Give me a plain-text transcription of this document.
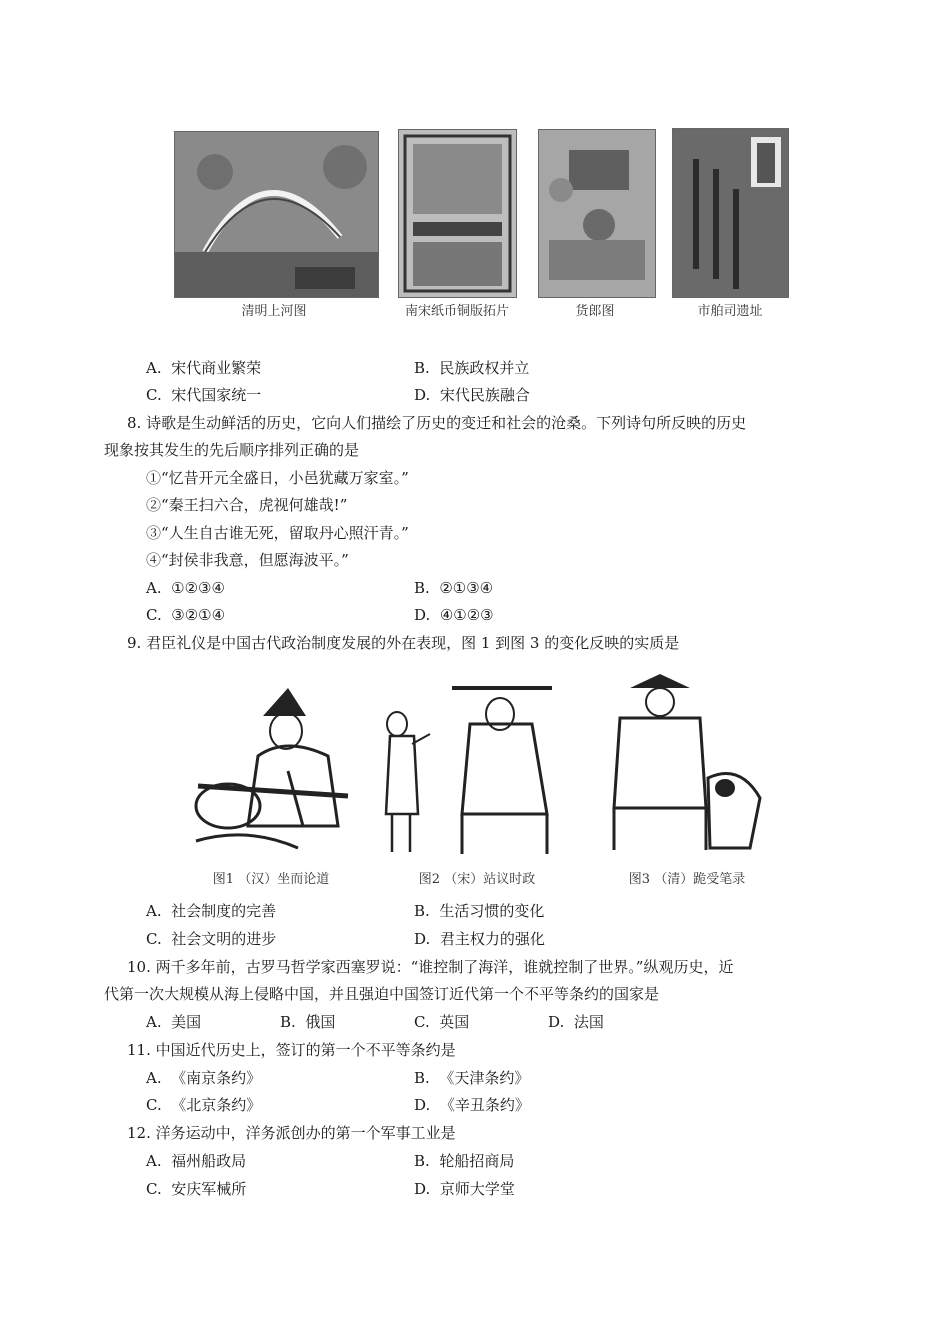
清明上河图	南宋纸币铜版拓片	货郎图	市舶司遗址
A. 宋代商业繁荣	B. 民族政权并立
C. 宋代国家统一	D. 宋代民族融合
8. 诗歌是生动鲜活的历史，它向人们描绘了历史的变迁和社会的沧桑。下列诗句所反映的历史
现象按其发生的先后顺序排列正确的是
①“忆昔开元全盛日，小邑犹藏万家室。”
②“秦王扫六合，虎视何雄哉!”
③“人生自古谁无死，留取丹心照汗青。”
④“封侯非我意，但愿海波平。”
A. ①②③④	B. ②①③④
C. ③②①④	D. ④①②③
9. 君臣礼仪是中国古代政治制度发展的外在表现，图 1 到图 3 的变化反映的实质是
图1 （汉）坐而论道	图2 （宋）站议时政	图3 （清）跪受笔录
A. 社会制度的完善	B. 生活习惯的变化
C. 社会文明的进步	D. 君主权力的强化
10. 两千多年前，古罗马哲学家西塞罗说：“谁控制了海洋，谁就控制了世界。”纵观历史，近
代第一次大规模从海上侵略中国，并且强迫中国签订近代第一个不平等条约的国家是
A. 美国	B. 俄国	C. 英国	D. 法国
11. 中国近代历史上，签订的第一个不平等条约是
A. 《南京条约》	B. 《天津条约》
C. 《北京条约》	D. 《辛丑条约》
12. 洋务运动中，洋务派创办的第一个军事工业是
A. 福州船政局	B. 轮船招商局
C. 安庆军械所	D. 京师大学堂
